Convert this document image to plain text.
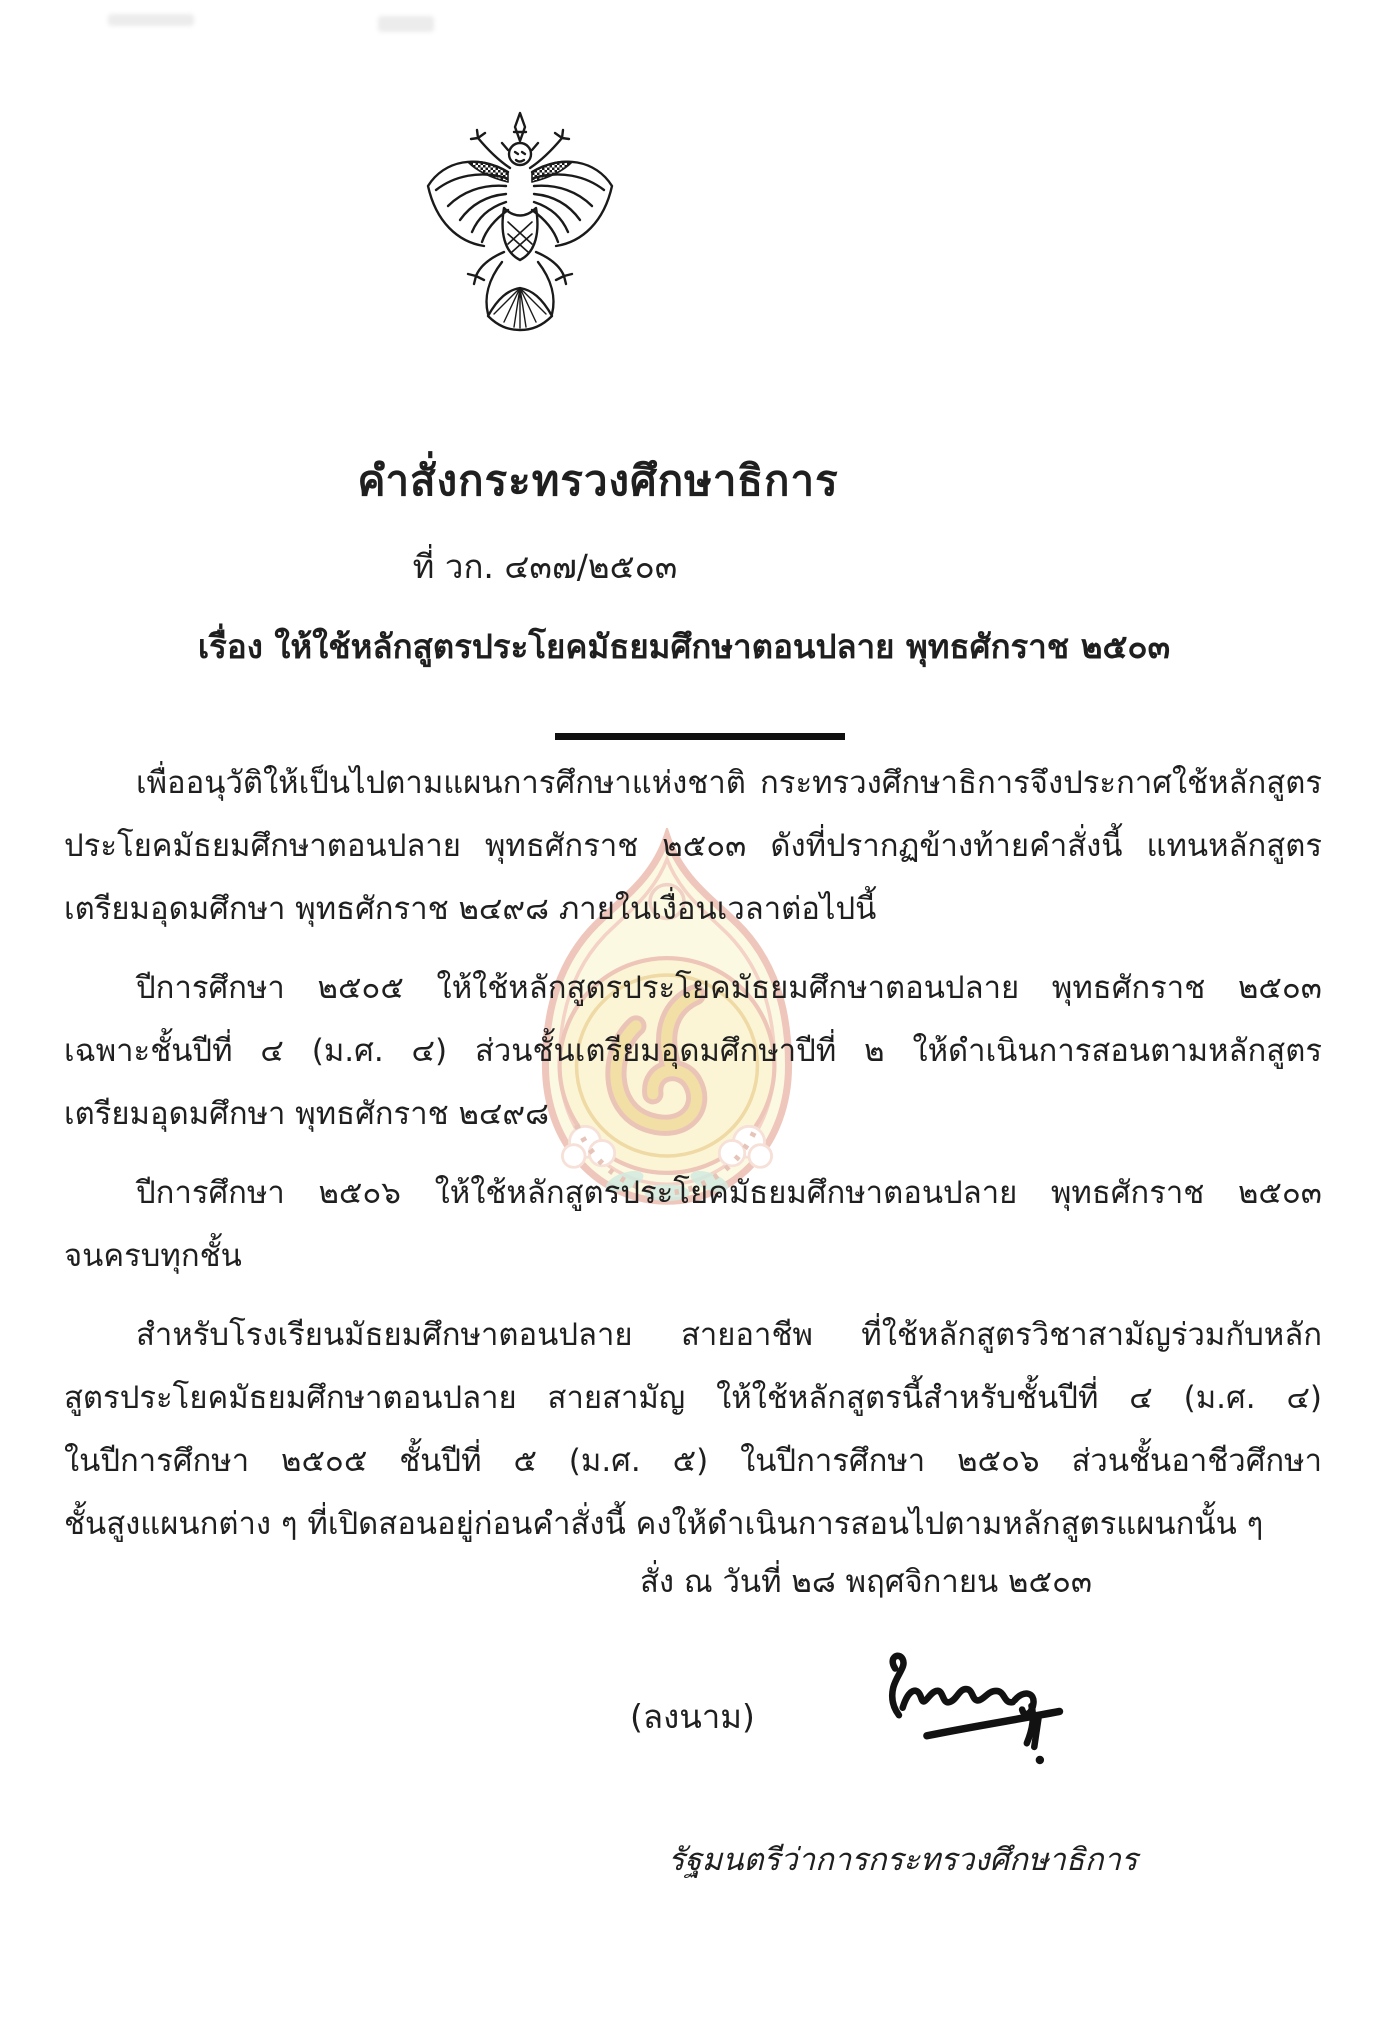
คำสั่งกระทรวงศึกษาธิการ
ที่ วก. ๔๓๗/๒๕๐๓
เรื่อง ให้ใช้หลักสูตรประโยคมัธยมศึกษาตอนปลาย พุทธศักราช ๒๕๐๓
เพื่ออนุวัติให้เป็นไปตามแผนการศึกษาแห่งชาติ กระทรวงศึกษาธิการจึงประกาศใช้หลักสูตร
ประโยคมัธยมศึกษาตอนปลาย พุทธศักราช ๒๕๐๓ ดังที่ปรากฏข้างท้ายคำสั่งนี้ แทนหลักสูตร
เตรียมอุดมศึกษา พุทธศักราช ๒๔๙๘ ภายในเงื่อนเวลาต่อไปนี้
ปีการศึกษา ๒๕๐๕ ให้ใช้หลักสูตรประโยคมัธยมศึกษาตอนปลาย พุทธศักราช ๒๕๐๓
เฉพาะชั้นปีที่ ๔ (ม.ศ. ๔) ส่วนชั้นเตรียมอุดมศึกษาปีที่ ๒ ให้ดำเนินการสอนตามหลักสูตร
เตรียมอุดมศึกษา พุทธศักราช ๒๔๙๘
ปีการศึกษา ๒๕๐๖ ให้ใช้หลักสูตรประโยคมัธยมศึกษาตอนปลาย พุทธศักราช ๒๕๐๓
จนครบทุกชั้น
สำหรับโรงเรียนมัธยมศึกษาตอนปลาย สายอาชีพ ที่ใช้หลักสูตรวิชาสามัญร่วมกับหลัก
สูตรประโยคมัธยมศึกษาตอนปลาย สายสามัญ ให้ใช้หลักสูตรนี้สำหรับชั้นปีที่ ๔ (ม.ศ. ๔)
ในปีการศึกษา ๒๕๐๕ ชั้นปีที่ ๕ (ม.ศ. ๕) ในปีการศึกษา ๒๕๐๖ ส่วนชั้นอาชีวศึกษา
ชั้นสูงแผนกต่าง ๆ ที่เปิดสอนอยู่ก่อนคำสั่งนี้ คงให้ดำเนินการสอนไปตามหลักสูตรแผนกนั้น ๆ
สั่ง ณ วันที่ ๒๘ พฤศจิกายน ๒๕๐๓
(ลงนาม)
รัฐมนตรีว่าการกระทรวงศึกษาธิการ
